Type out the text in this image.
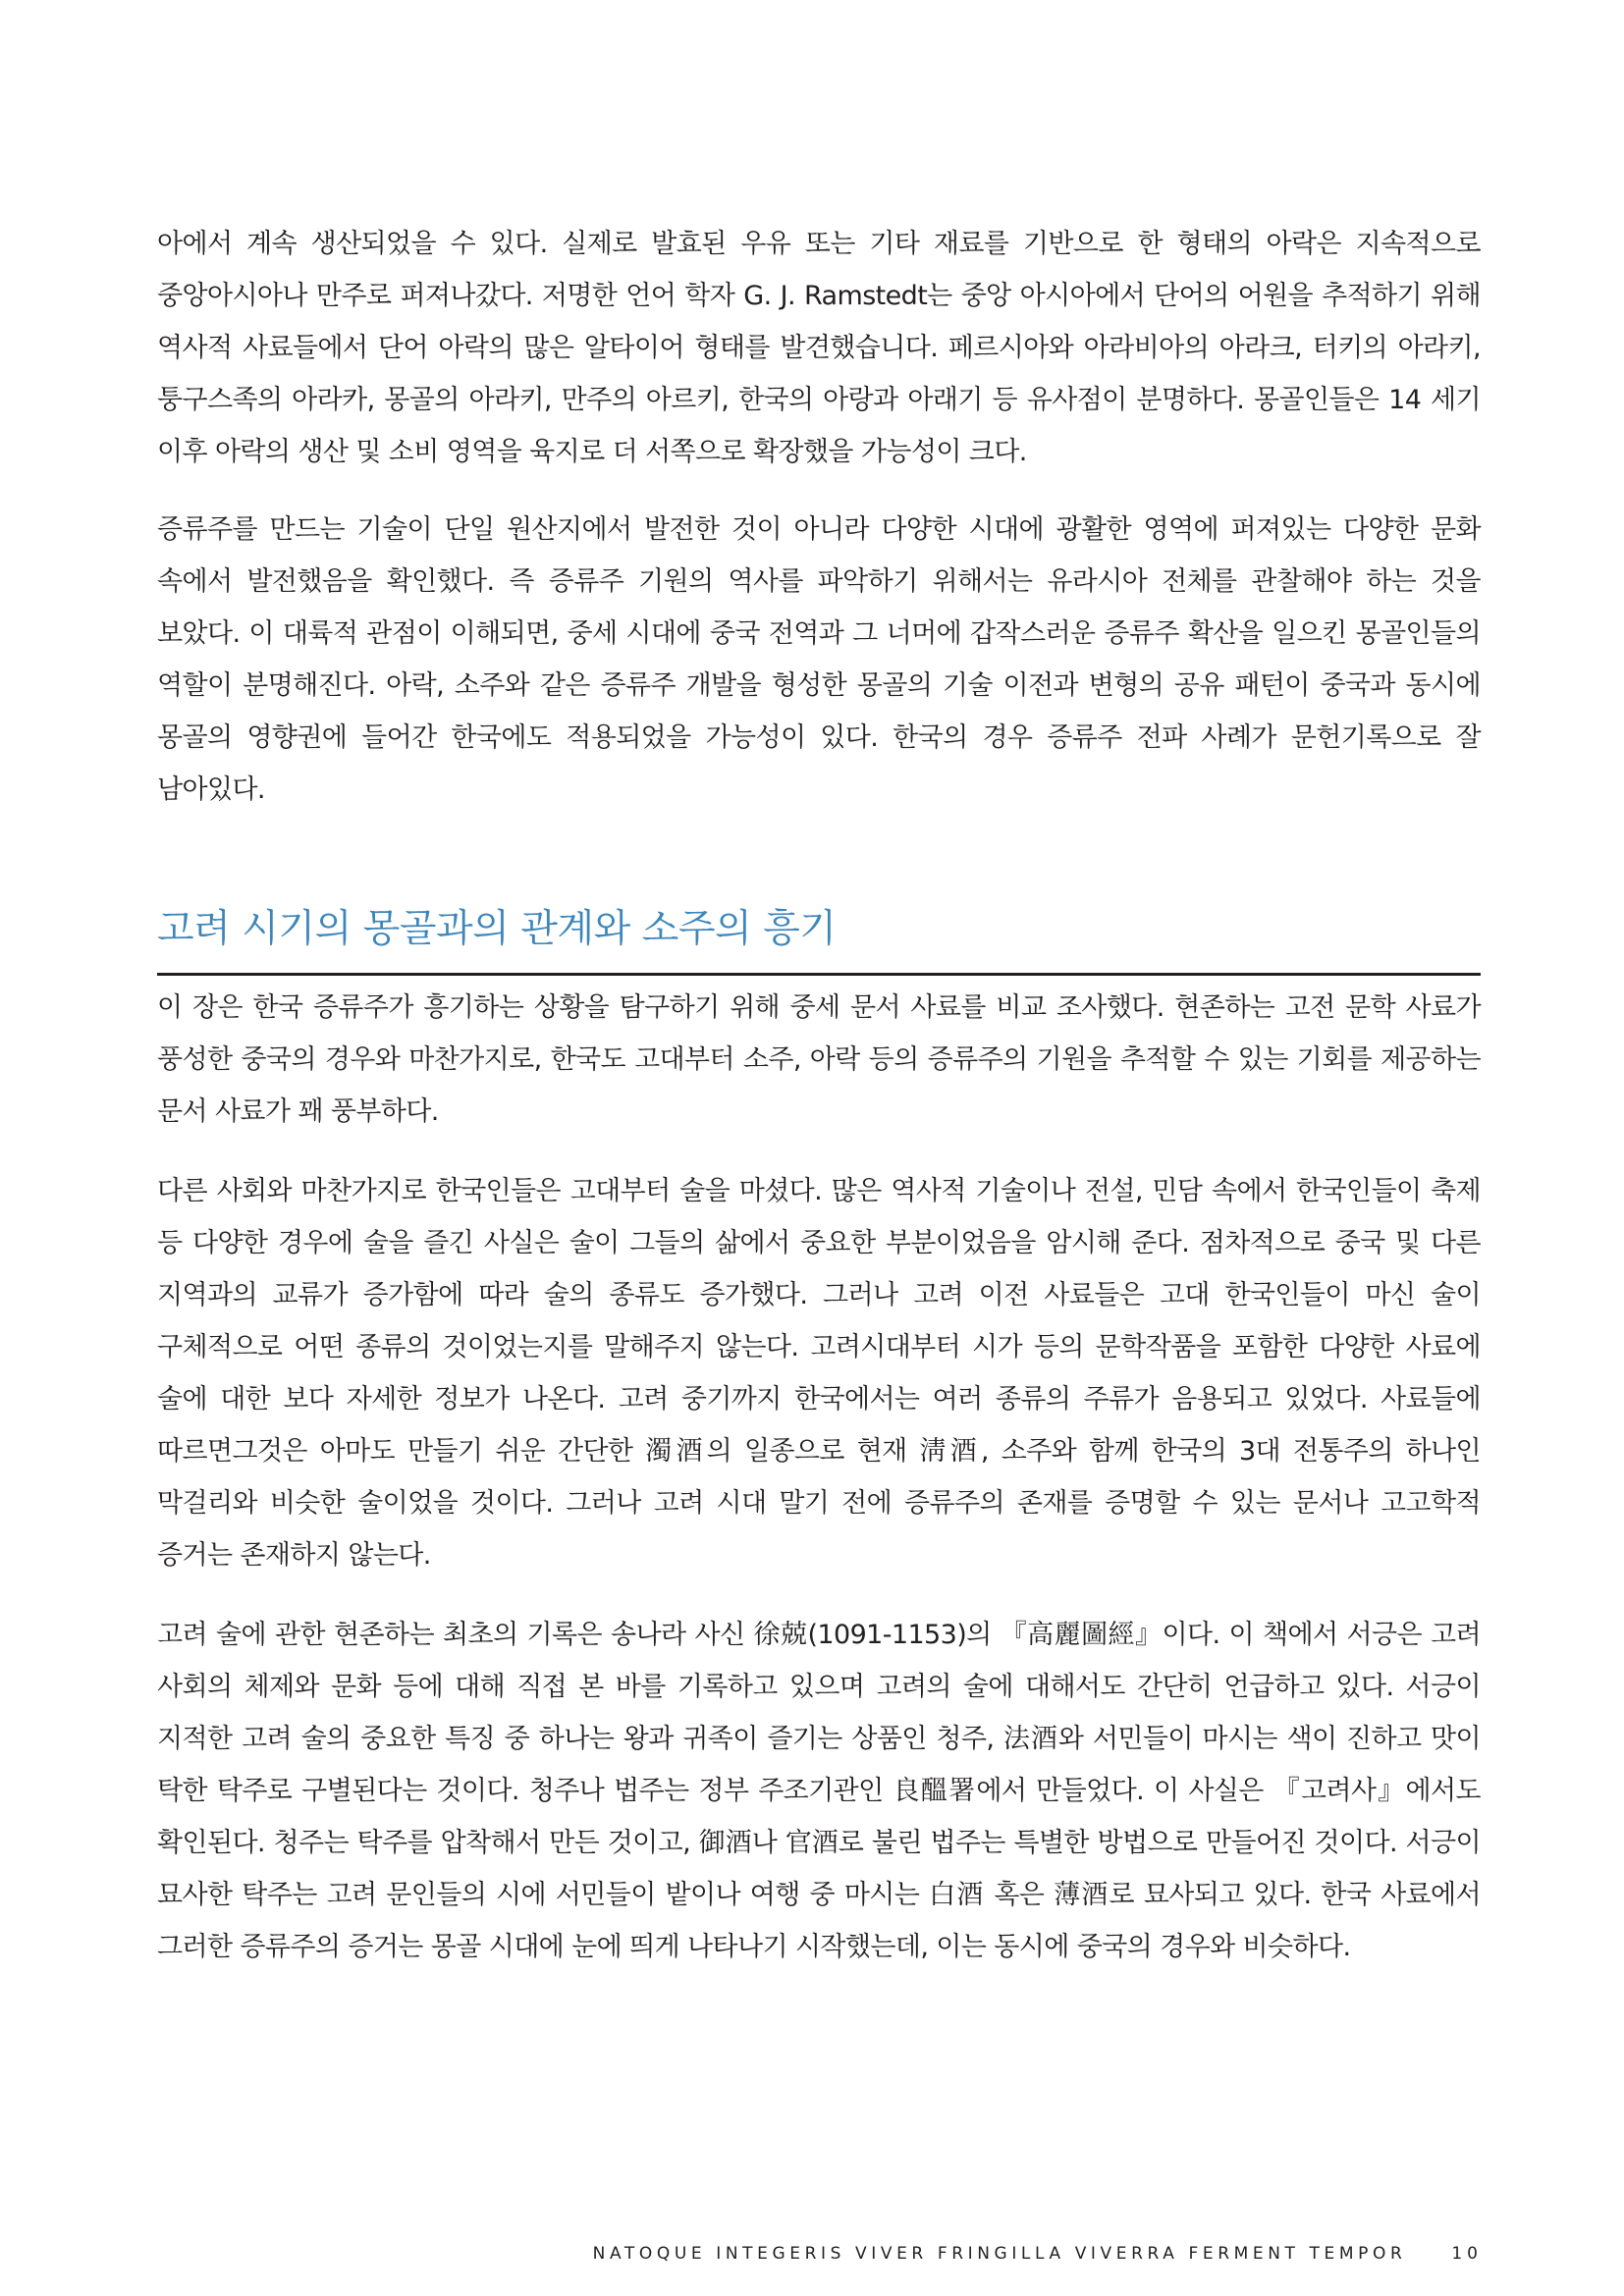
아에서 계속 생산되었을 수 있다. 실제로 발효된 우유 또는 기타 재료를 기반으로 한 형태의 아락은 지속적으로 중앙아시아나 만주로 퍼져나갔다. 저명한 언어 학자 G. J. Ramstedt는 중앙 아시아에서 단어의 어원을 추적하기 위해 역사적 사료들에서 단어 아락의 많은 알타이어 형태를 발견했습니다. 페르시아와 아라비아의 아라크, 터키의 아라키, 퉁구스족의 아라카, 몽골의 아라키, 만주의 아르키, 한국의 아랑과 아래기 등 유사점이 분명하다. 몽골인들은 14 세기 이후 아락의 생산 및 소비 영역을 육지로 더 서쪽으로 확장했을 가능성이 크다.

증류주를 만드는 기술이 단일 원산지에서 발전한 것이 아니라 다양한 시대에 광활한 영역에 퍼져있는 다양한 문화 속에서 발전했음을 확인했다. 즉 증류주 기원의 역사를 파악하기 위해서는 유라시아 전체를 관찰해야 하는 것을 보았다. 이 대륙적 관점이 이해되면, 중세 시대에 중국 전역과 그 너머에 갑작스러운 증류주 확산을 일으킨 몽골인들의 역할이 분명해진다. 아락, 소주와 같은 증류주 개발을 형성한 몽골의 기술 이전과 변형의 공유 패턴이 중국과 동시에 몽골의 영향권에 들어간 한국에도 적용되었을 가능성이 있다. 한국의 경우 증류주 전파 사례가 문헌기록으로 잘 남아있다.

고려 시기의 몽골과의 관계와 소주의 흥기

이 장은 한국 증류주가 흥기하는 상황을 탐구하기 위해 중세 문서 사료를 비교 조사했다. 현존하는 고전 문학 사료가 풍성한 중국의 경우와 마찬가지로, 한국도 고대부터 소주, 아락 등의 증류주의 기원을 추적할 수 있는 기회를 제공하는 문서 사료가 꽤 풍부하다.

다른 사회와 마찬가지로 한국인들은 고대부터 술을 마셨다. 많은 역사적 기술이나 전설, 민담 속에서 한국인들이 축제 등 다양한 경우에 술을 즐긴 사실은 술이 그들의 삶에서 중요한 부분이었음을 암시해 준다. 점차적으로 중국 및 다른 지역과의 교류가 증가함에 따라 술의 종류도 증가했다. 그러나 고려 이전 사료들은 고대 한국인들이 마신 술이 구체적으로 어떤 종류의 것이었는지를 말해주지 않는다. 고려시대부터 시가 등의 문학작품을 포함한 다양한 사료에 술에 대한 보다 자세한 정보가 나온다. 고려 중기까지 한국에서는 여러 종류의 주류가 음용되고 있었다. 사료들에 따르면그것은 아마도 만들기 쉬운 간단한 濁酒의 일종으로 현재 淸酒, 소주와 함께 한국의 3대 전통주의 하나인 막걸리와 비슷한 술이었을 것이다. 그러나 고려 시대 말기 전에 증류주의 존재를 증명할 수 있는 문서나 고고학적 증거는 존재하지 않는다.

고려 술에 관한 현존하는 최초의 기록은 송나라 사신 徐兢(1091-1153)의 『高麗圖經』이다. 이 책에서 서긍은 고려 사회의 체제와 문화 등에 대해 직접 본 바를 기록하고 있으며 고려의 술에 대해서도 간단히 언급하고 있다. 서긍이 지적한 고려 술의 중요한 특징 중 하나는 왕과 귀족이 즐기는 상품인 청주, 法酒와 서민들이 마시는 색이 진하고 맛이 탁한 탁주로 구별된다는 것이다. 청주나 법주는 정부 주조기관인 良醞署에서 만들었다. 이 사실은 『고려사』에서도 확인된다. 청주는 탁주를 압착해서 만든 것이고, 御酒나 官酒로 불린 법주는 특별한 방법으로 만들어진 것이다. 서긍이 묘사한 탁주는 고려 문인들의 시에 서민들이 밭이나 여행 중 마시는 白酒 혹은 薄酒로 묘사되고 있다. 한국 사료에서 그러한 증류주의 증거는 몽골 시대에 눈에 띄게 나타나기 시작했는데, 이는 동시에 중국의 경우와 비슷하다.

NATOQUE INTEGERIS VIVER FRINGILLA VIVERRA FERMENT TEMPOR	10
